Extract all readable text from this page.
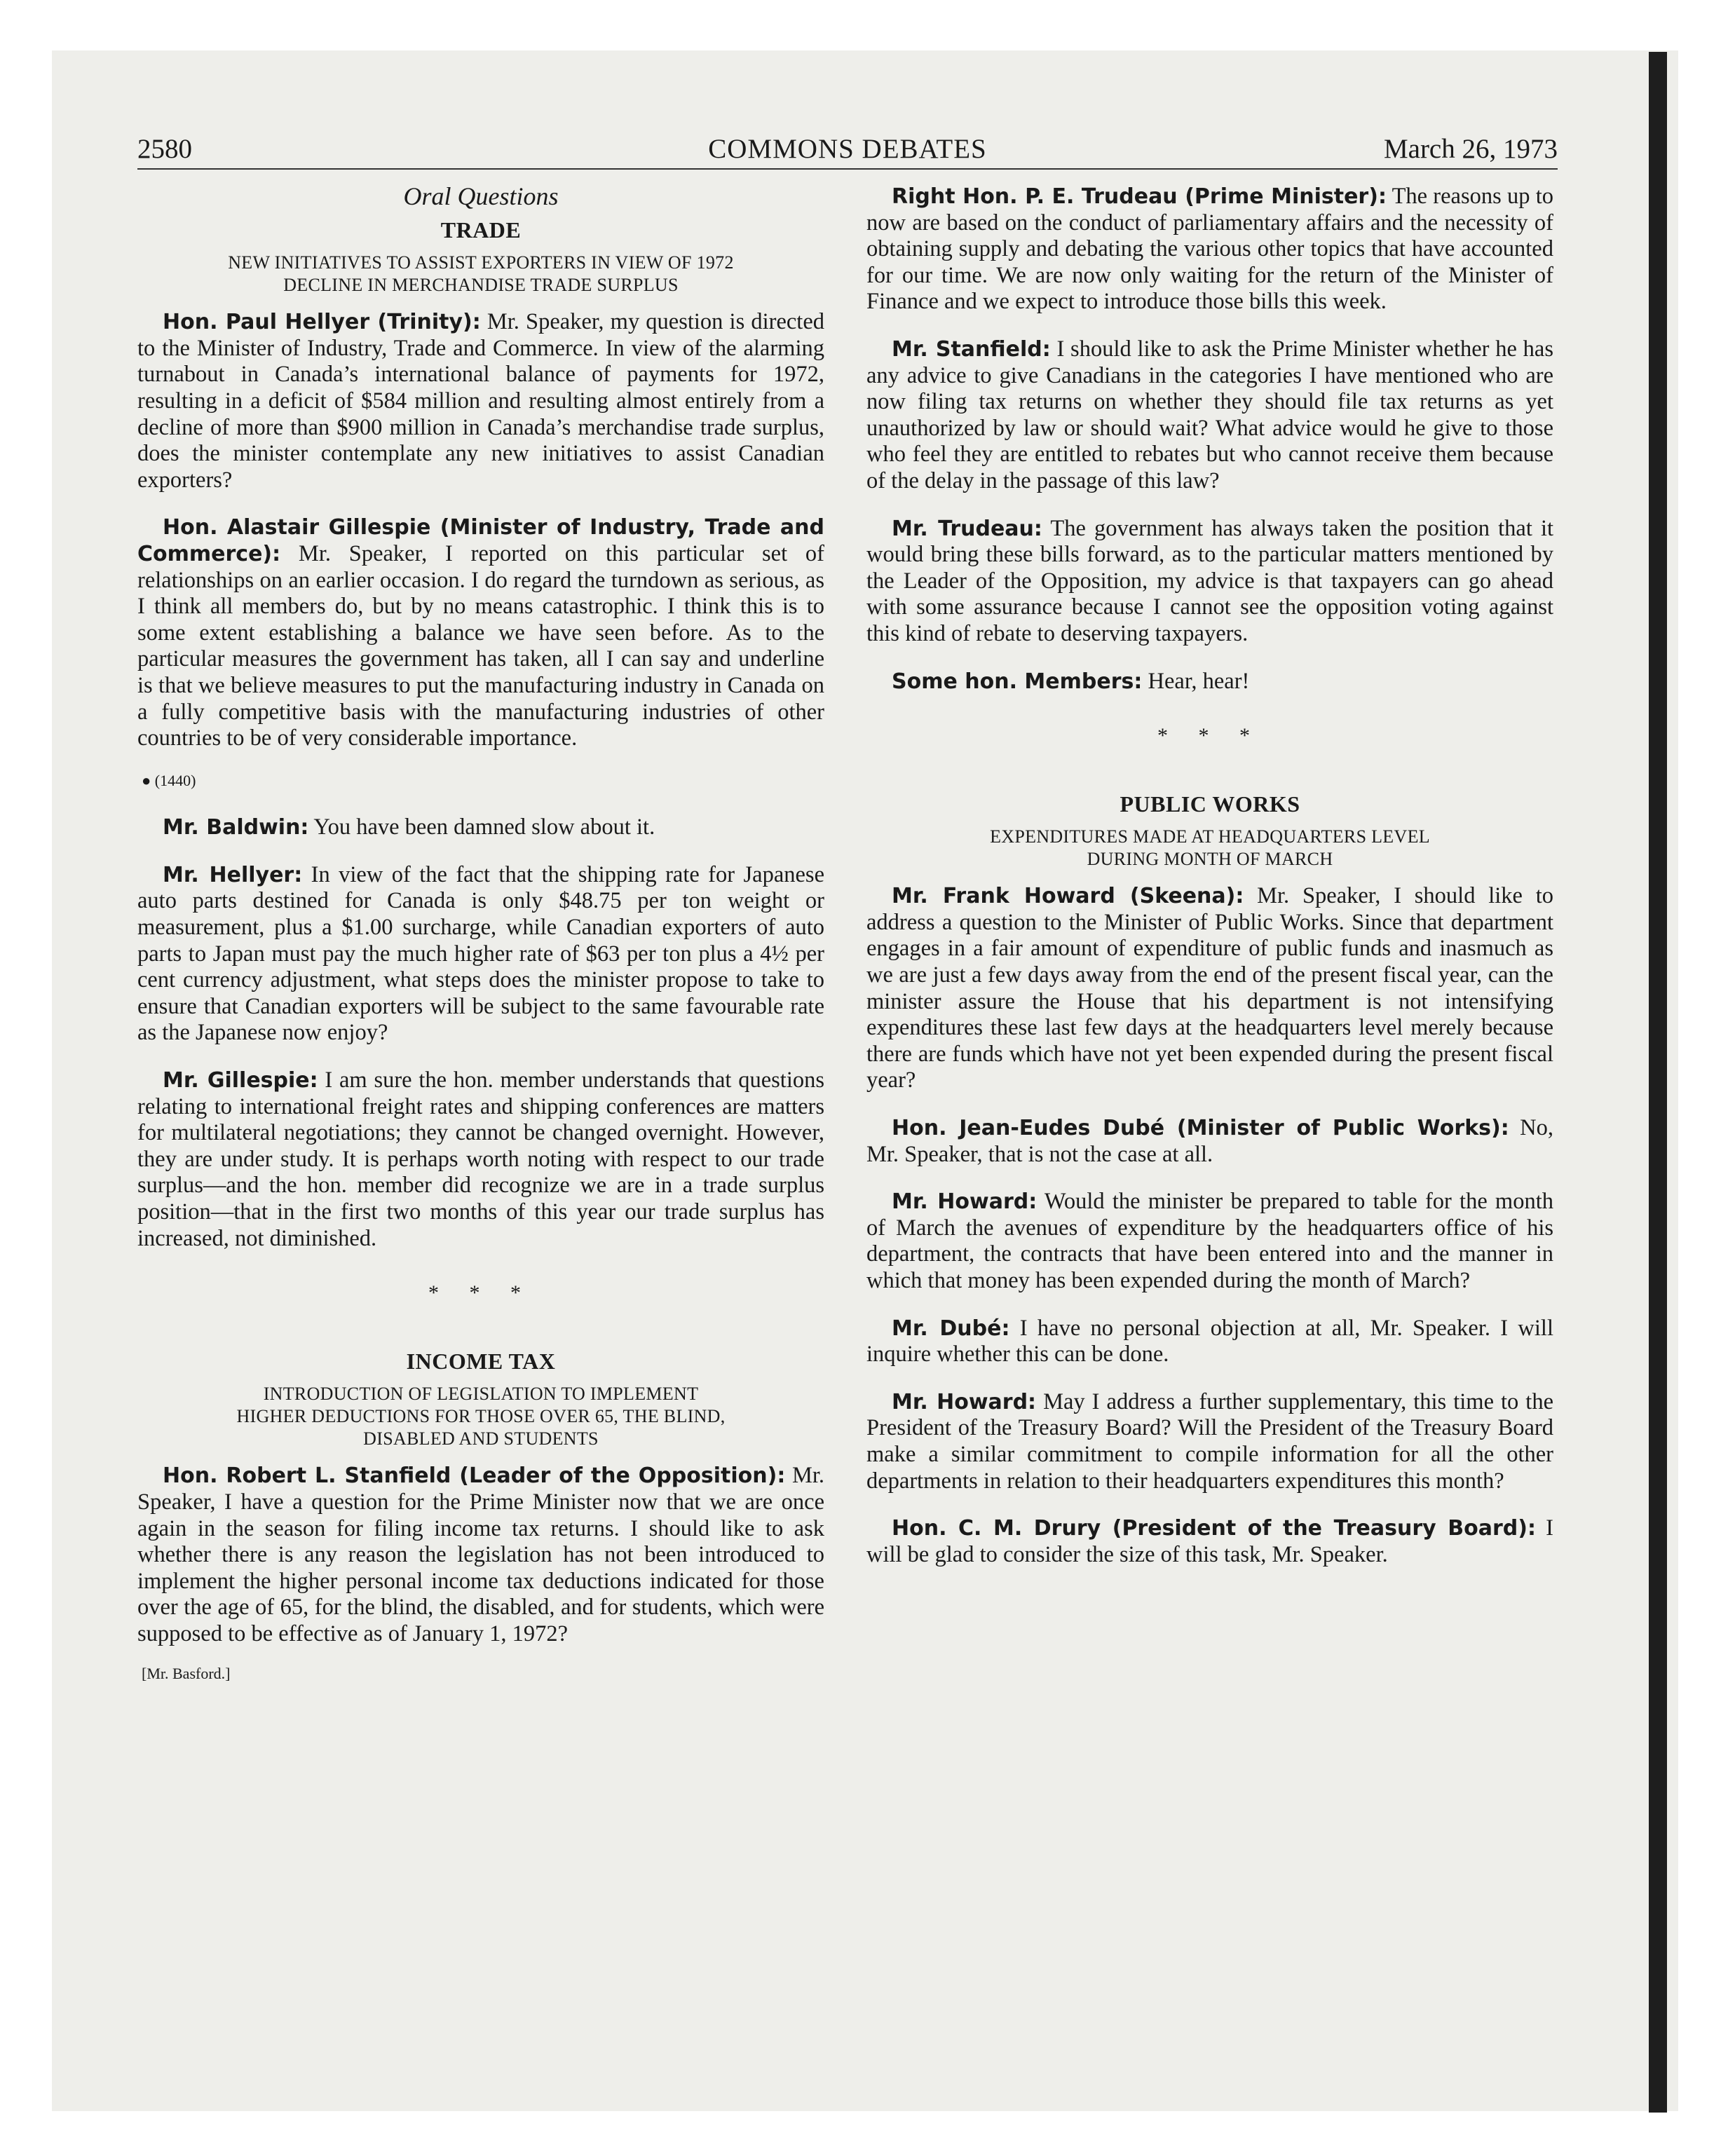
2580	COMMONS DEBATES	March 26, 1973
Oral Questions
TRADE
NEW INITIATIVES TO ASSIST EXPORTERS IN VIEW OF 1972
DECLINE IN MERCHANDISE TRADE SURPLUS

Hon. Paul Hellyer (Trinity): Mr. Speaker, my question is directed to the Minister of Industry, Trade and Commerce. In view of the alarming turnabout in Canada’s international balance of payments for 1972, resulting in a deficit of $584 million and resulting almost entirely from a decline of more than $900 million in Canada’s merchandise trade surplus, does the minister contemplate any new initiatives to assist Canadian exporters?

Hon. Alastair Gillespie (Minister of Industry, Trade and Commerce): Mr. Speaker, I reported on this particular set of relationships on an earlier occasion. I do regard the turndown as serious, as I think all members do, but by no means catastrophic. I think this is to some extent establishing a balance we have seen before. As to the particular measures the government has taken, all I can say and underline is that we believe measures to put the manufacturing industry in Canada on a fully competitive basis with the manufacturing industries of other countries to be of very considerable importance.

● (1440)

Mr. Baldwin: You have been damned slow about it.

Mr. Hellyer: In view of the fact that the shipping rate for Japanese auto parts destined for Canada is only $48.75 per ton weight or measurement, plus a $1.00 surcharge, while Canadian exporters of auto parts to Japan must pay the much higher rate of $63 per ton plus a 4½ per cent currency adjustment, what steps does the minister propose to take to ensure that Canadian exporters will be subject to the same favourable rate as the Japanese now enjoy?

Mr. Gillespie: I am sure the hon. member understands that questions relating to international freight rates and shipping conferences are matters for multilateral negotiations; they cannot be changed overnight. However, they are under study. It is perhaps worth noting with respect to our trade surplus—and the hon. member did recognize we are in a trade surplus position—that in the first two months of this year our trade surplus has increased, not diminished.

* * *
INCOME TAX
INTRODUCTION OF LEGISLATION TO IMPLEMENT
HIGHER DEDUCTIONS FOR THOSE OVER 65, THE BLIND,
DISABLED AND STUDENTS

Hon. Robert L. Stanfield (Leader of the Opposition): Mr. Speaker, I have a question for the Prime Minister now that we are once again in the season for filing income tax returns. I should like to ask whether there is any reason the legislation has not been introduced to implement the higher personal income tax deductions indicated for those over the age of 65, for the blind, the disabled, and for students, which were supposed to be effective as of January 1, 1972?

[Mr. Basford.]

Right Hon. P. E. Trudeau (Prime Minister): The reasons up to now are based on the conduct of parliamentary affairs and the necessity of obtaining supply and debating the various other topics that have accounted for our time. We are now only waiting for the return of the Minister of Finance and we expect to introduce those bills this week.

Mr. Stanfield: I should like to ask the Prime Minister whether he has any advice to give Canadians in the categories I have mentioned who are now filing tax returns on whether they should file tax returns as yet unauthorized by law or should wait? What advice would he give to those who feel they are entitled to rebates but who cannot receive them because of the delay in the passage of this law?

Mr. Trudeau: The government has always taken the position that it would bring these bills forward, as to the particular matters mentioned by the Leader of the Opposition, my advice is that taxpayers can go ahead with some assurance because I cannot see the opposition voting against this kind of rebate to deserving taxpayers.

Some hon. Members: Hear, hear!

* * *
PUBLIC WORKS
EXPENDITURES MADE AT HEADQUARTERS LEVEL
DURING MONTH OF MARCH

Mr. Frank Howard (Skeena): Mr. Speaker, I should like to address a question to the Minister of Public Works. Since that department engages in a fair amount of expenditure of public funds and inasmuch as we are just a few days away from the end of the present fiscal year, can the minister assure the House that his department is not intensifying expenditures these last few days at the headquarters level merely because there are funds which have not yet been expended during the present fiscal year?

Hon. Jean-Eudes Dubé (Minister of Public Works): No, Mr. Speaker, that is not the case at all.

Mr. Howard: Would the minister be prepared to table for the month of March the avenues of expenditure by the headquarters office of his department, the contracts that have been entered into and the manner in which that money has been expended during the month of March?

Mr. Dubé: I have no personal objection at all, Mr. Speaker. I will inquire whether this can be done.

Mr. Howard: May I address a further supplementary, this time to the President of the Treasury Board? Will the President of the Treasury Board make a similar commitment to compile information for all the other departments in relation to their headquarters expenditures this month?

Hon. C. M. Drury (President of the Treasury Board): I will be glad to consider the size of this task, Mr. Speaker.
